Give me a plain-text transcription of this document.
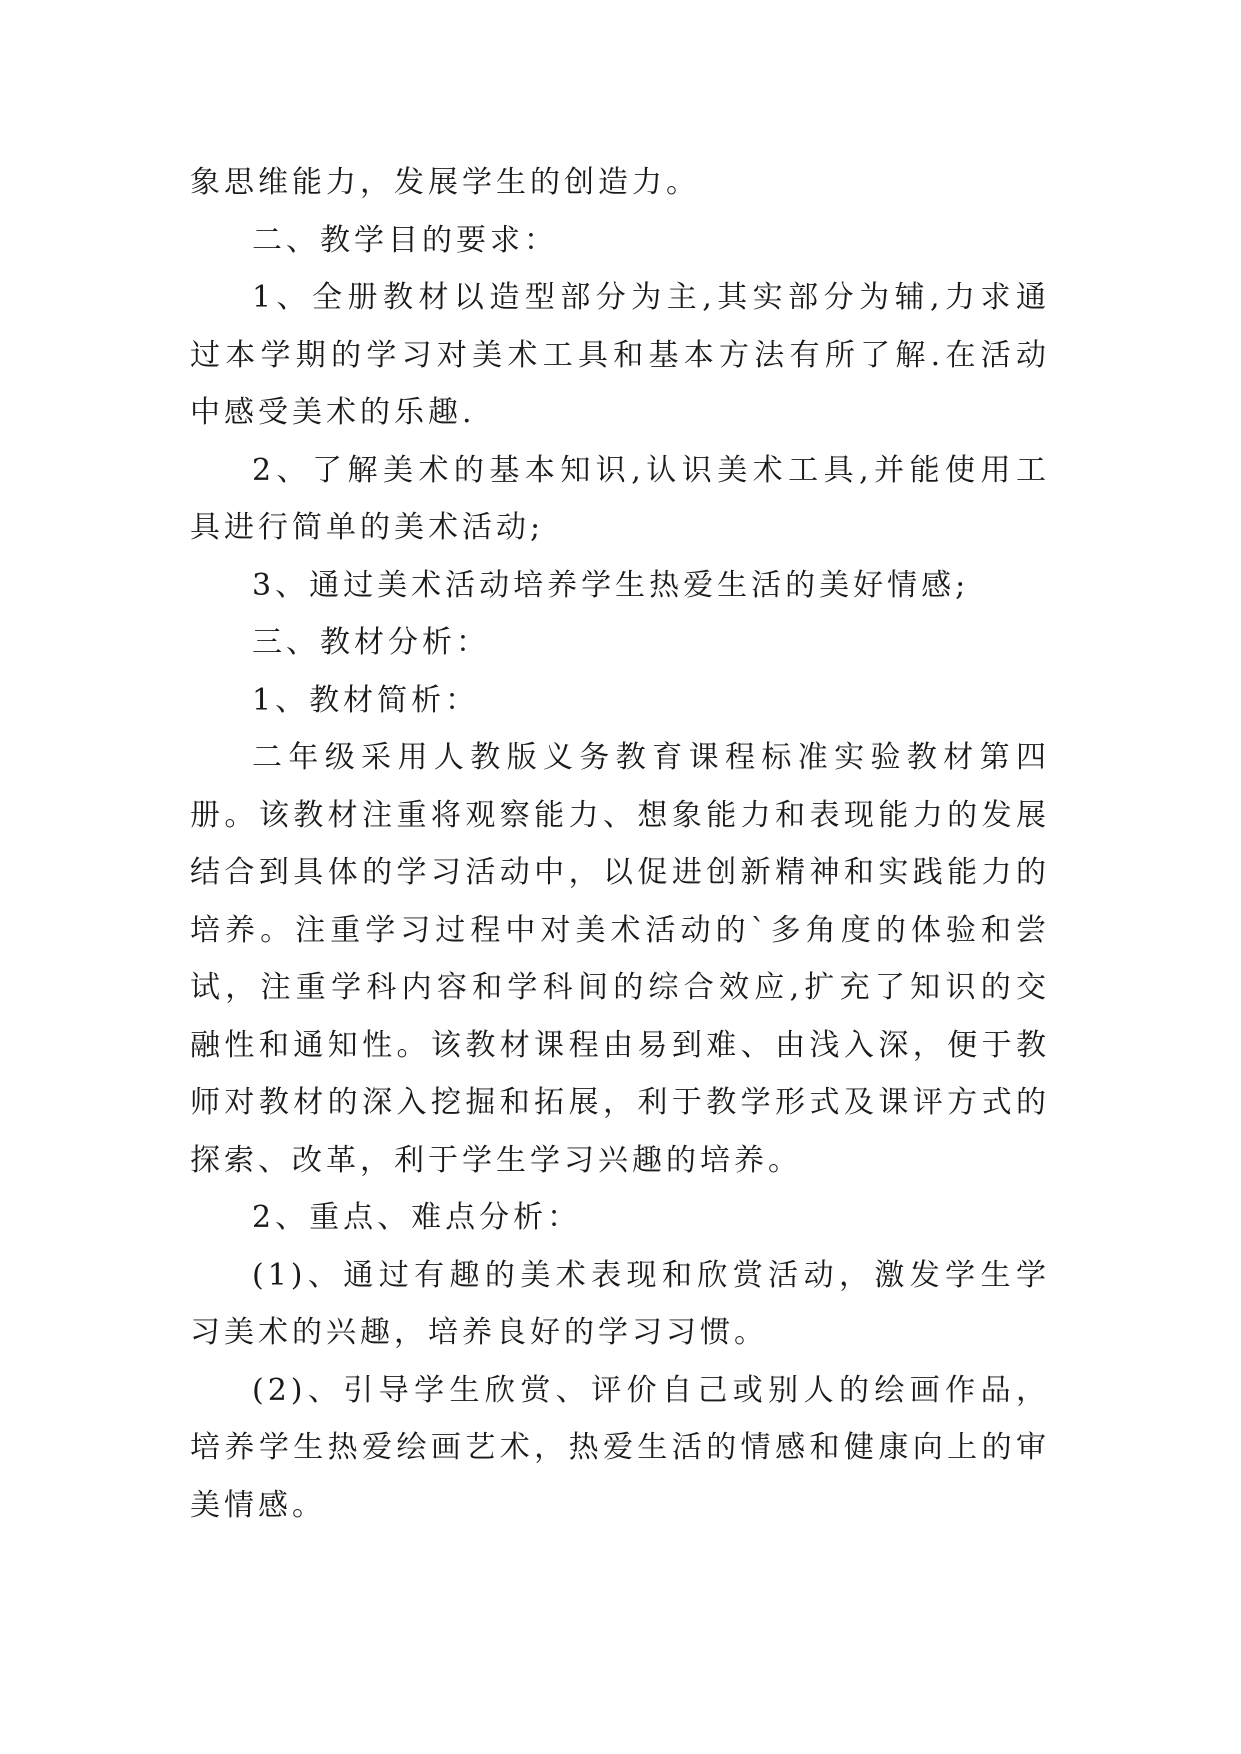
象思维能力，发展学生的创造力。

二、教学目的要求：

1、全册教材以造型部分为主,其实部分为辅,力求通过本学期的学习对美术工具和基本方法有所了解.在活动中感受美术的乐趣.

2、了解美术的基本知识,认识美术工具,并能使用工具进行简单的美术活动;

3、通过美术活动培养学生热爱生活的美好情感;

三、教材分析：

1、教材简析：

二年级采用人教版义务教育课程标准实验教材第四册。该教材注重将观察能力、想象能力和表现能力的发展结合到具体的学习活动中，以促进创新精神和实践能力的培养。注重学习过程中对美术活动的`多角度的体验和尝试，注重学科内容和学科间的综合效应,扩充了知识的交融性和通知性。该教材课程由易到难、由浅入深，便于教师对教材的深入挖掘和拓展，利于教学形式及课评方式的探索、改革，利于学生学习兴趣的培养。

2、重点、难点分析：

(1)、通过有趣的美术表现和欣赏活动，激发学生学习美术的兴趣，培养良好的学习习惯。

(2)、引导学生欣赏、评价自己或别人的绘画作品，培养学生热爱绘画艺术，热爱生活的情感和健康向上的审美情感。
